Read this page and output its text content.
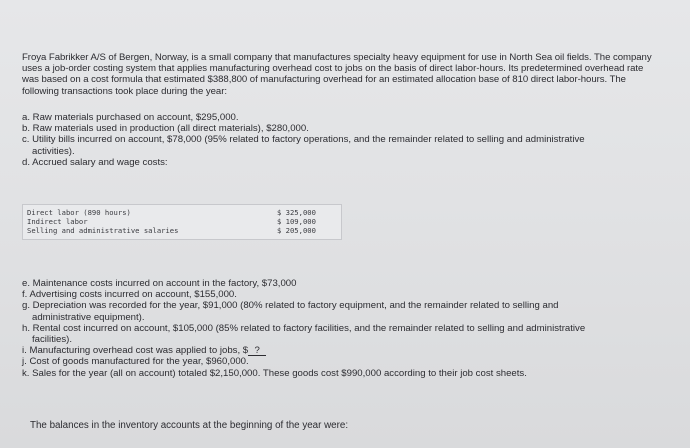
Froya Fabrikker A/S of Bergen, Norway, is a small company that manufactures specialty heavy equipment for use in North Sea oil fields. The company uses a job-order costing system that applies manufacturing overhead cost to jobs on the basis of direct labor-hours. Its predetermined overhead rate was based on a cost formula that estimated $388,800 of manufacturing overhead for an estimated allocation base of 810 direct labor-hours. The following transactions took place during the year:

a. Raw materials purchased on account, $295,000.

b. Raw materials used in production (all direct materials), $280,000.

c. Utility bills incurred on account, $78,000 (95% related to factory operations, and the remainder related to selling and administrative

activities).

d. Accrued salary and wage costs:

Direct labor (890 hours)	$ 325,000
Indirect labor	$ 109,000
Selling and administrative salaries	$ 205,000

e. Maintenance costs incurred on account in the factory, $73,000

f. Advertising costs incurred on account, $155,000.

g. Depreciation was recorded for the year, $91,000 (80% related to factory equipment, and the remainder related to selling and

administrative equipment).

h. Rental cost incurred on account, $105,000 (85% related to factory facilities, and the remainder related to selling and administrative

facilities).

i. Manufacturing overhead cost was applied to jobs, $ ?

j. Cost of goods manufactured for the year, $960,000.

k. Sales for the year (all on account) totaled $2,150,000. These goods cost $990,000 according to their job cost sheets.

The balances in the inventory accounts at the beginning of the year were:
